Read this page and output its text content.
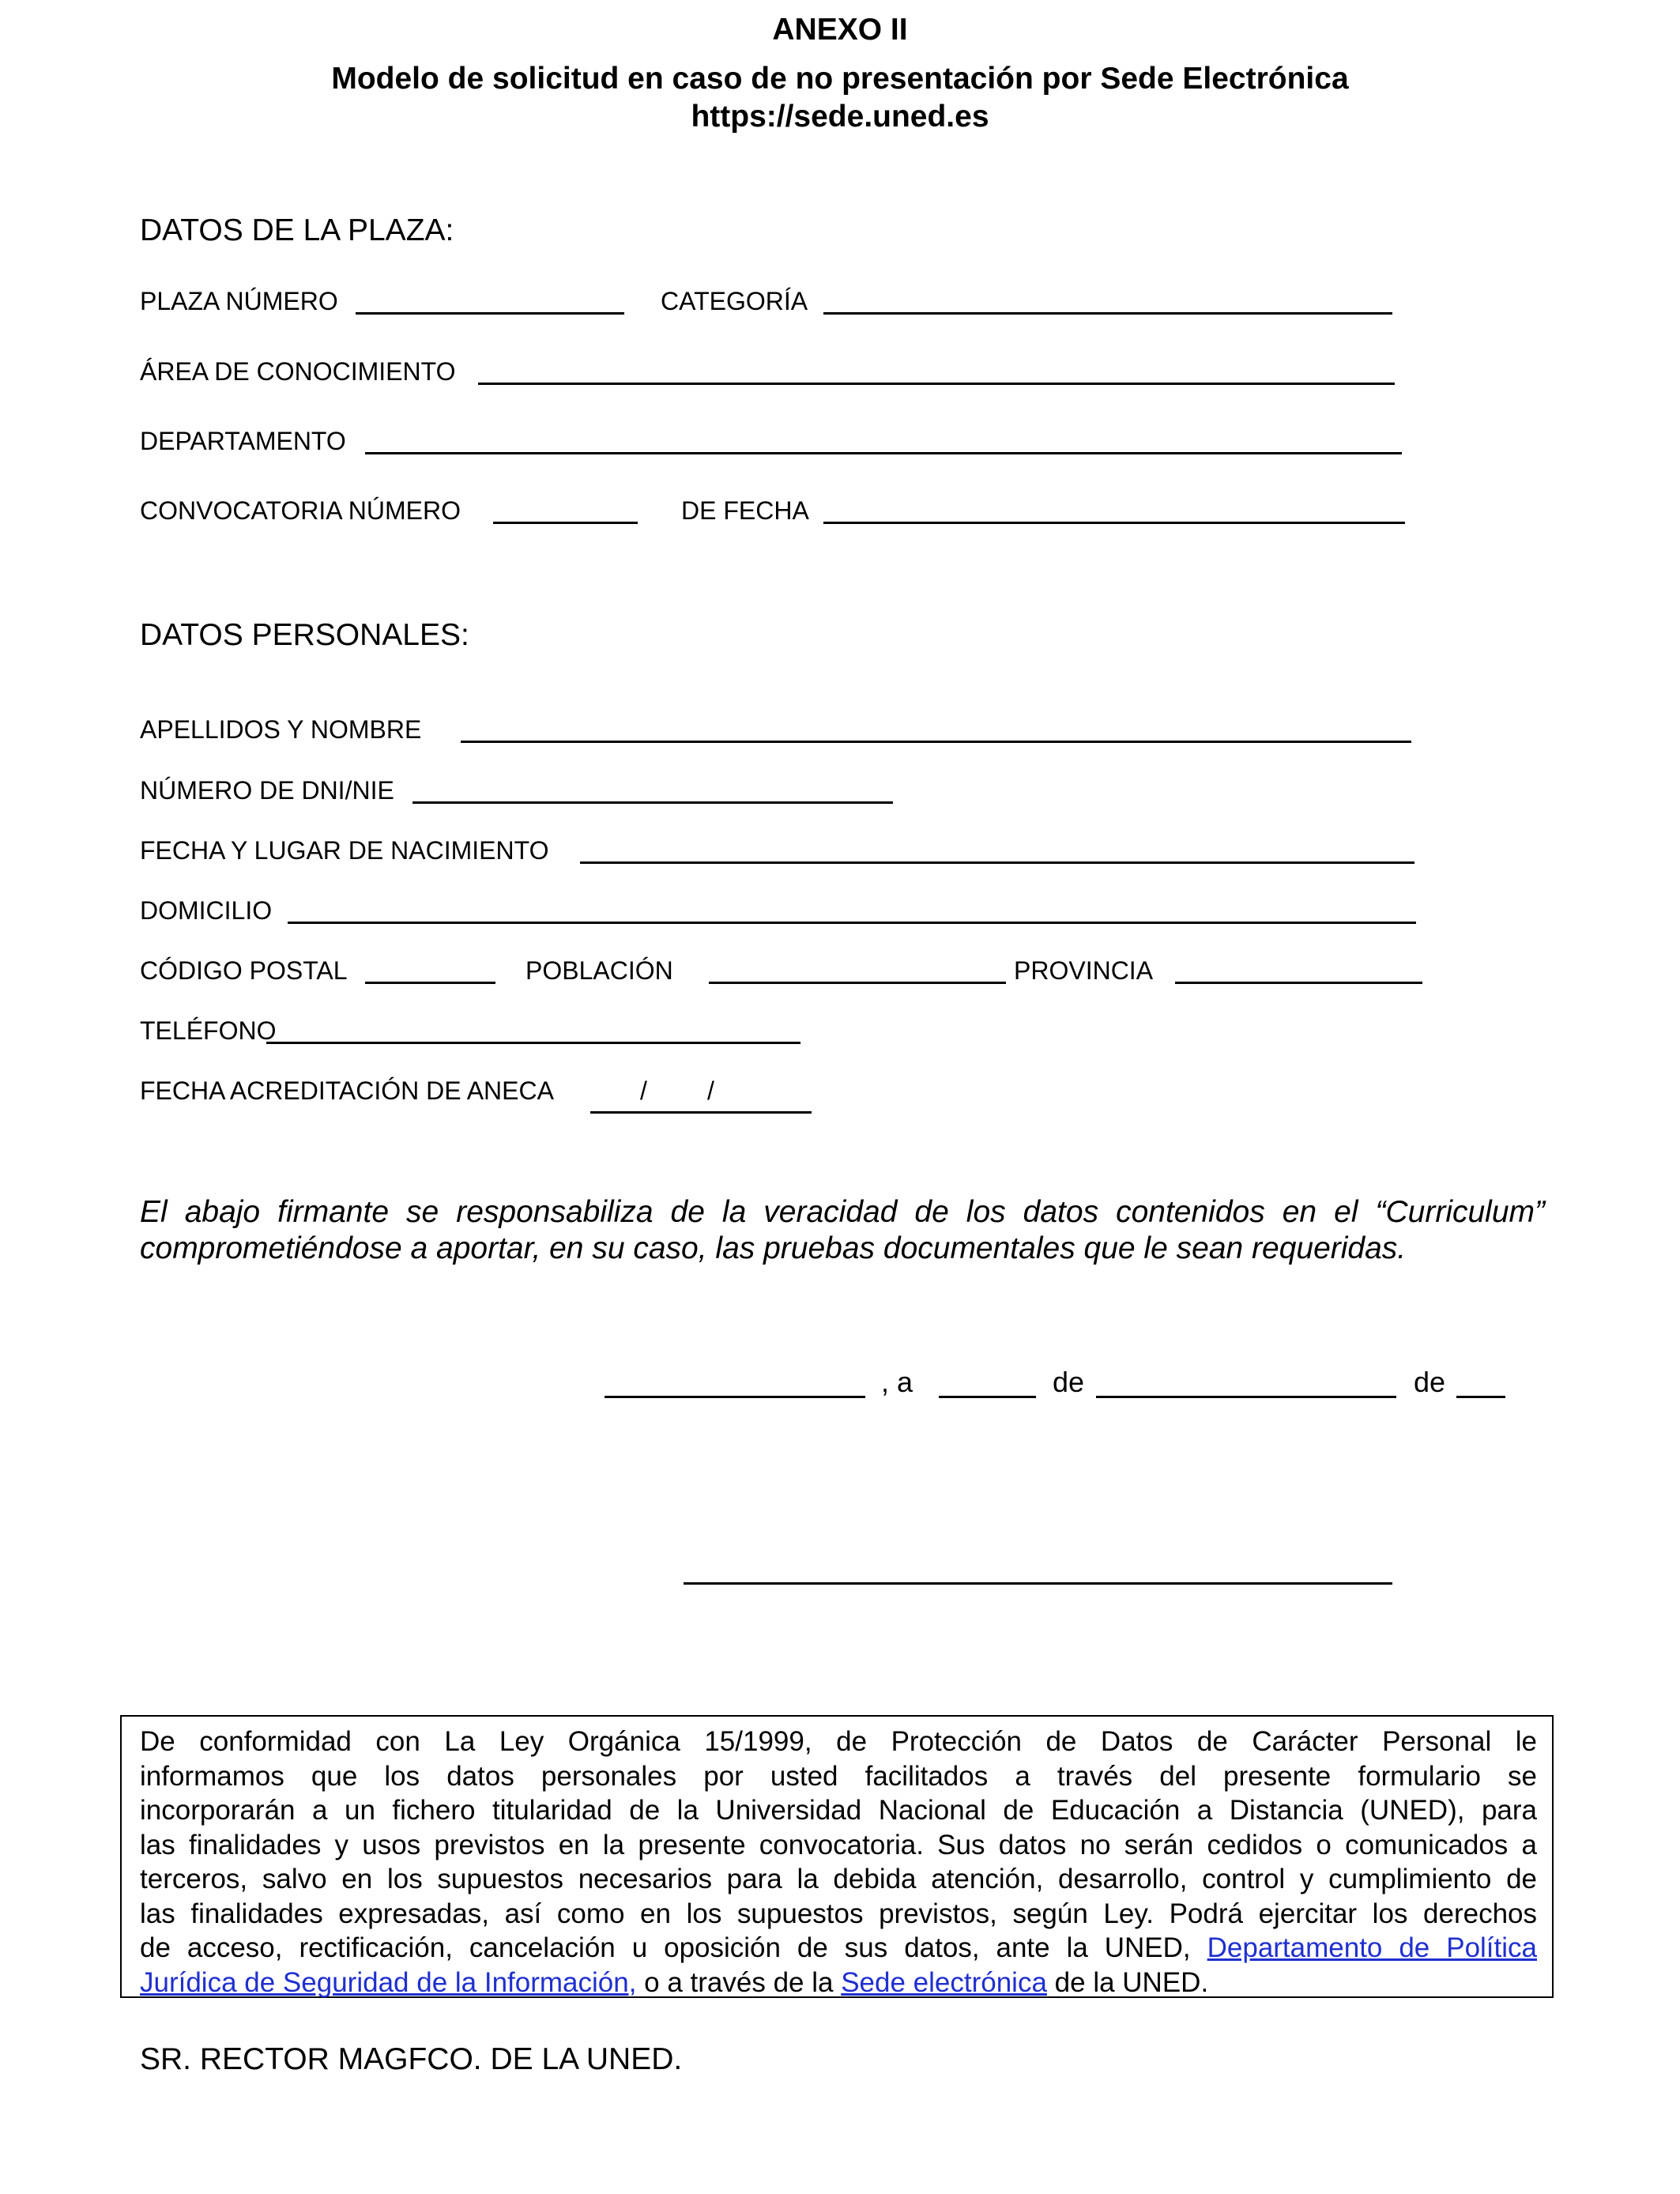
ANEXO II
Modelo de solicitud en caso de no presentación por Sede Electrónica
https://sede.uned.es
DATOS DE LA PLAZA:
PLAZA NÚMERO	CATEGORÍA
ÁREA DE CONOCIMIENTO
DEPARTAMENTO
CONVOCATORIA NÚMERO	DE FECHA
DATOS PERSONALES:
APELLIDOS Y NOMBRE
NÚMERO DE DNI/NIE
FECHA Y LUGAR DE NACIMIENTO
DOMICILIO
CÓDIGO POSTAL	POBLACIÓN	PROVINCIA
TELÉFONO
FECHA ACREDITACIÓN DE ANECA	/ /
El abajo firmante se responsabiliza de la veracidad de los datos contenidos en el “Curriculum”
comprometiéndose a aportar, en su caso, las pruebas documentales que le sean requeridas.
, a	de	de
De conformidad con La Ley Orgánica 15/1999, de Protección de Datos de Carácter Personal le
informamos que los datos personales por usted facilitados a través del presente formulario se
incorporarán a un fichero titularidad de la Universidad Nacional de Educación a Distancia (UNED), para
las finalidades y usos previstos en la presente convocatoria. Sus datos no serán cedidos o comunicados a
terceros, salvo en los supuestos necesarios para la debida atención, desarrollo, control y cumplimiento de
las finalidades expresadas, así como en los supuestos previstos, según Ley. Podrá ejercitar los derechos
de acceso, rectificación, cancelación u oposición de sus datos, ante la UNED, Departamento de Política
Jurídica de Seguridad de la Información, o a través de la Sede electrónica de la UNED.
SR. RECTOR MAGFCO. DE LA UNED.
